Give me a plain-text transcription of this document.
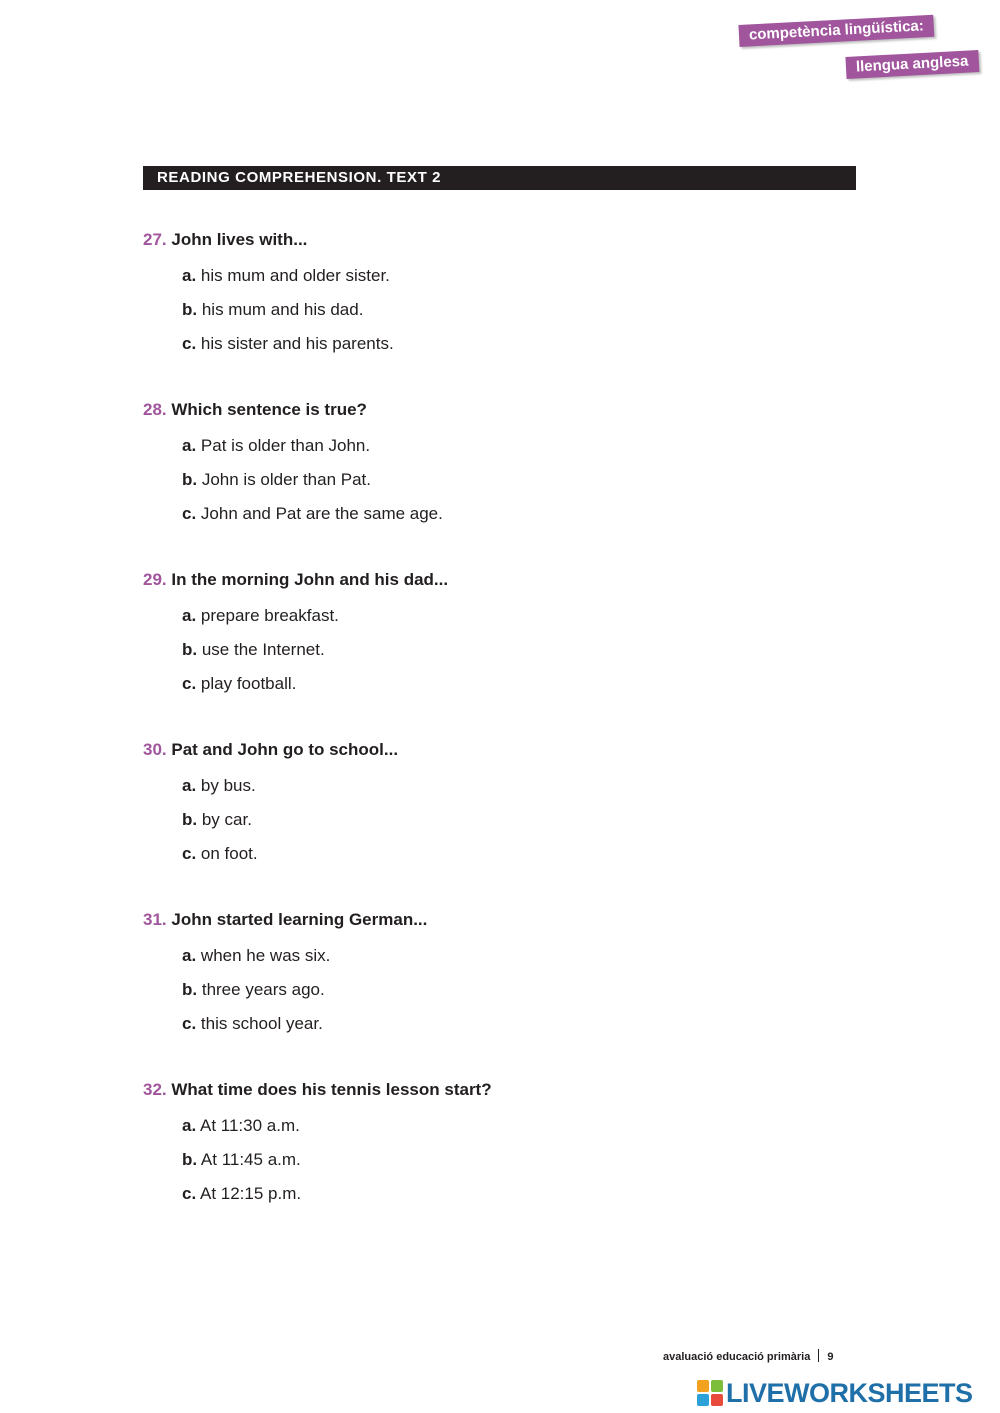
competència lingüística:
llengua anglesa
READING COMPREHENSION. TEXT 2
27. John lives with...
a. his mum and older sister.
b. his mum and his dad.
c. his sister and his parents.
28. Which sentence is true?
a. Pat is older than John.
b. John is older than Pat.
c. John and Pat are the same age.
29. In the morning John and his dad...
a. prepare breakfast.
b. use the Internet.
c. play football.
30. Pat and John go to school...
a. by bus.
b. by car.
c. on foot.
31. John started learning German...
a. when he was six.
b. three years ago.
c. this school year.
32. What time does his tennis lesson start?
a. At 11:30 a.m.
b. At 11:45 a.m.
c. At 12:15 p.m.
avaluació educació primària 9
LIVEWORKSHEETS
